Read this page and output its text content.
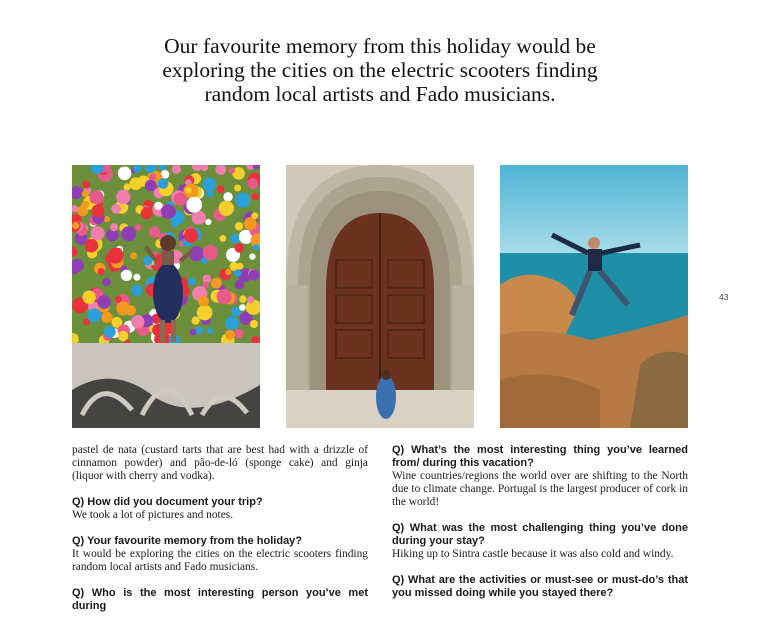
Our favourite memory from this holiday would be exploring the cities on the electric scooters finding random local artists and Fado musicians.
43

pastel de nata (custard tarts that are best had with a drizzle of cinnamon powder) and pão-de-ló (sponge cake) and ginja (liquor with cherry and vodka).

Q) How did you document your trip?
We took a lot of pictures and notes.

Q) Your favourite memory from the holiday?
It would be exploring the cities on the electric scooters finding random local artists and Fado musicians.

Q) Who is the most interesting person you’ve met during

Q) What’s the most interesting thing you’ve learned from/ during this vacation?
Wine countries/regions the world over are shifting to the North due to climate change. Portugal is the largest producer of cork in the world!

Q) What was the most challenging thing you’ve done during your stay?
Hiking up to Sintra castle because it was also cold and windy.

Q) What are the activities or must-see or must-do’s that you missed doing while you stayed there?
